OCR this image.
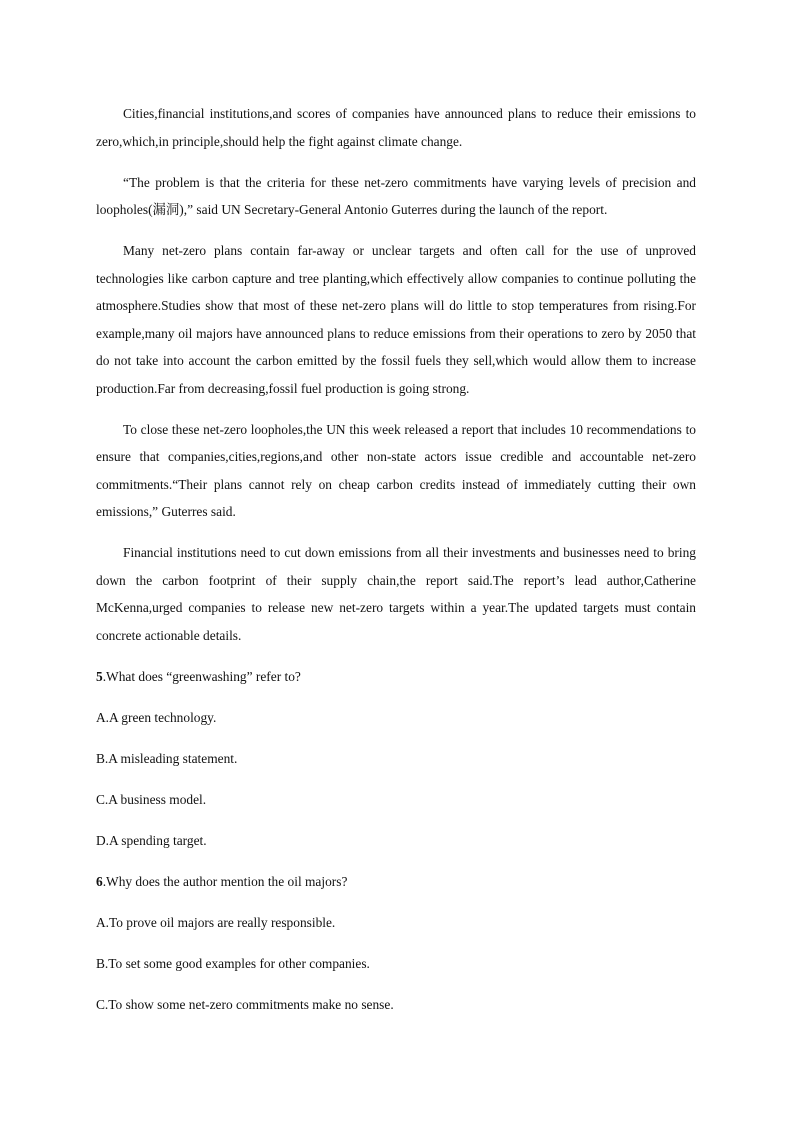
Cities,financial institutions,and scores of companies have announced plans to reduce their emissions to zero,which,in principle,should help the fight against climate change.

“The problem is that the criteria for these net-zero commitments have varying levels of precision and loopholes(漏洞),” said UN Secretary-General Antonio Guterres during the launch of the report.

Many net-zero plans contain far-away or unclear targets and often call for the use of unproved technologies like carbon capture and tree planting,which effectively allow companies to continue polluting the atmosphere.Studies show that most of these net-zero plans will do little to stop temperatures from rising.For example,many oil majors have announced plans to reduce emissions from their operations to zero by 2050 that do not take into account the carbon emitted by the fossil fuels they sell,which would allow them to increase production.Far from decreasing,fossil fuel production is going strong.

To close these net-zero loopholes,the UN this week released a report that includes 10 recommendations to ensure that companies,cities,regions,and other non-state actors issue credible and accountable net-zero commitments.“Their plans cannot rely on cheap carbon credits instead of immediately cutting their own emissions,” Guterres said.

Financial institutions need to cut down emissions from all their investments and businesses need to bring down the carbon footprint of their supply chain,the report said.The report’s lead author,Catherine McKenna,urged companies to release new net-zero targets within a year.The updated targets must contain concrete actionable details.

5.What does “greenwashing” refer to?

A.A green technology.

B.A misleading statement.

C.A business model.

D.A spending target.

6.Why does the author mention the oil majors?

A.To prove oil majors are really responsible.

B.To set some good examples for other companies.

C.To show some net-zero commitments make no sense.
